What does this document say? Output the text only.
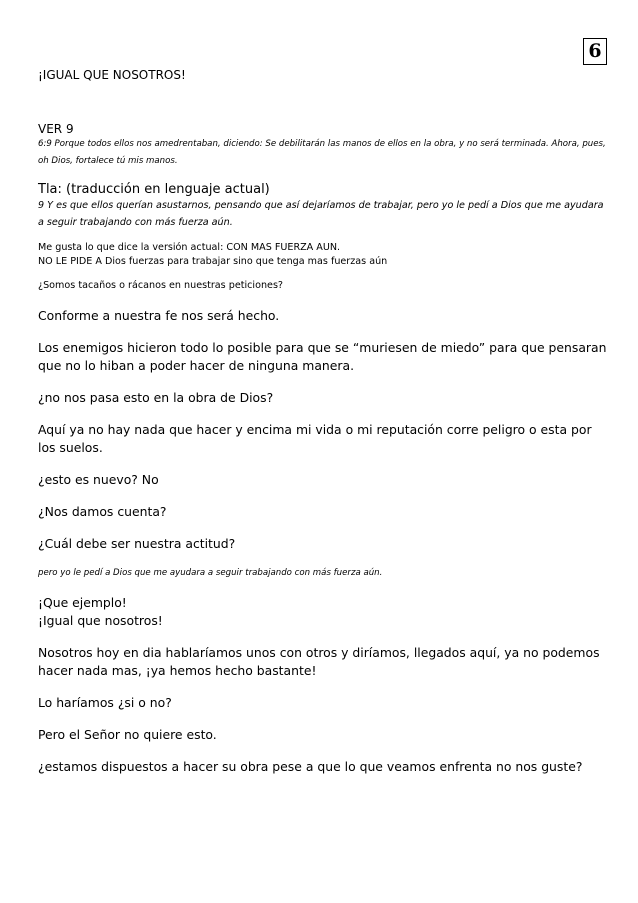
6

¡IGUAL QUE NOSOTROS!

VER 9

6:9 Porque todos ellos nos amedrentaban, diciendo: Se debilitarán las manos de ellos en la obra, y no será terminada. Ahora, pues, oh Dios, fortalece tú mis manos.

Tla: (traducción en lenguaje actual)

9 Y es que ellos querían asustarnos, pensando que así dejaríamos de trabajar, pero yo le pedí a Dios que me ayudara a seguir trabajando con más fuerza aún.

Me gusta lo que dice la versión actual: CON MAS FUERZA AUN.

NO LE PIDE A Dios fuerzas para trabajar sino que tenga mas fuerzas aún

¿Somos tacaños o rácanos en nuestras peticiones?

Conforme a nuestra fe nos será hecho.

Los enemigos hicieron todo lo posible para que se “muriesen de miedo” para que pensaran que no lo hiban a poder hacer de ninguna manera.

¿no nos pasa esto en la obra de Dios?

Aquí ya no hay nada que hacer y encima mi vida o mi reputación corre peligro o esta por los suelos.

¿esto es nuevo? No

¿Nos damos cuenta?

¿Cuál debe ser nuestra actitud?

pero yo le pedí a Dios que me ayudara a seguir trabajando con más fuerza aún.

¡Que ejemplo!

¡Igual que nosotros!

Nosotros hoy en dia hablaríamos unos con otros y diríamos, llegados aquí, ya no podemos hacer nada mas, ¡ya hemos hecho bastante!

Lo haríamos ¿si o no?

Pero el Señor no quiere esto.

¿estamos dispuestos a hacer su obra pese a que lo que veamos enfrenta no nos guste?
